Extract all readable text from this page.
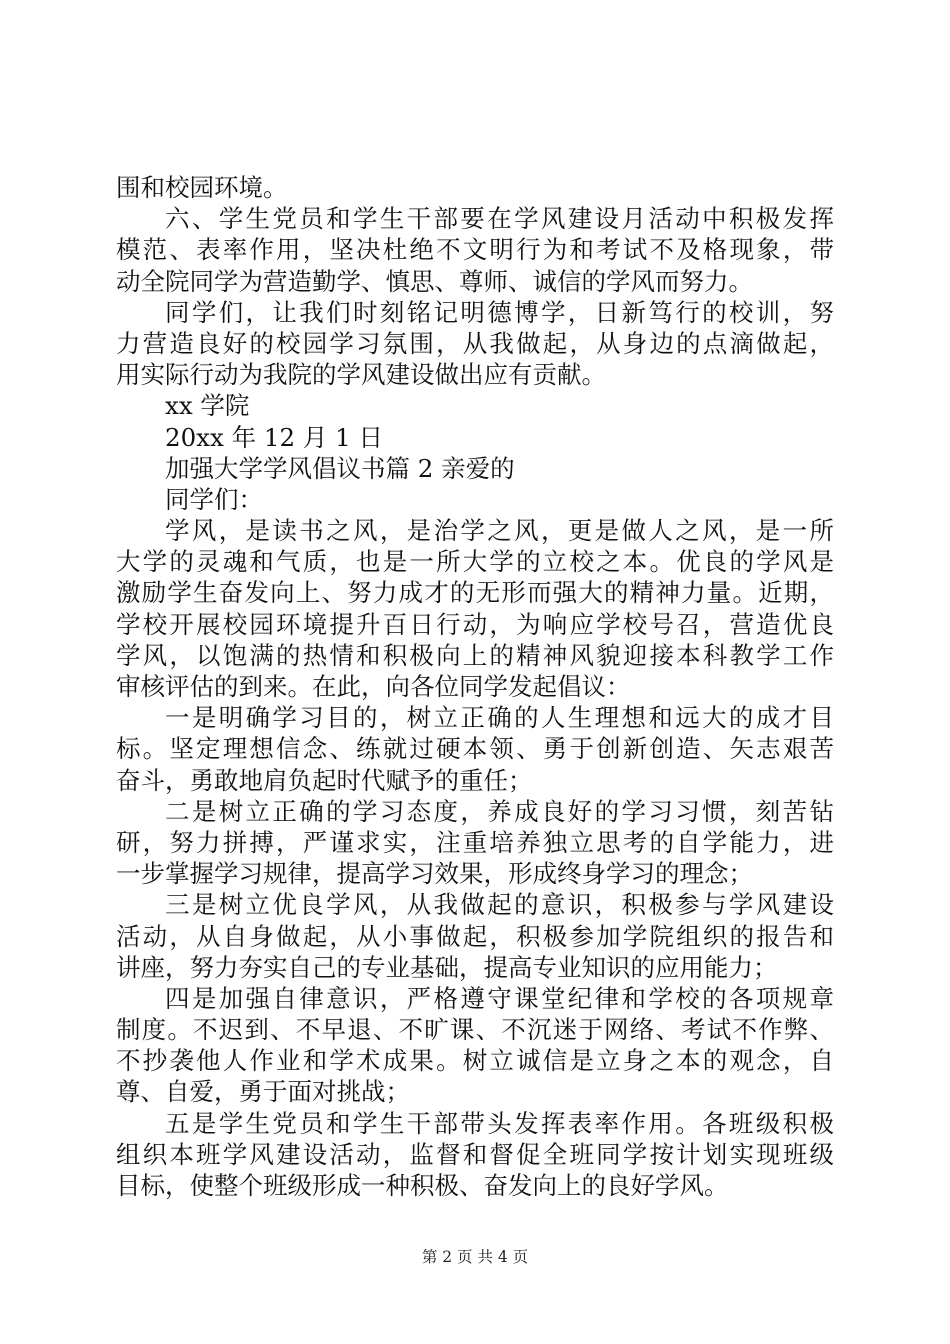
围和校园环境。
六、学生党员和学生干部要在学风建设月活动中积极发挥
模范、表率作用，坚决杜绝不文明行为和考试不及格现象，带
动全院同学为营造勤学、慎思、尊师、诚信的学风而努力。
同学们，让我们时刻铭记明德博学，日新笃行的校训，努
力营造良好的校园学习氛围，从我做起，从身边的点滴做起，
用实际行动为我院的学风建设做出应有贡献。
xx 学院
20xx 年 12 月 1 日
加强大学学风倡议书篇 2 亲爱的
同学们：
学风，是读书之风，是治学之风，更是做人之风，是一所
大学的灵魂和气质，也是一所大学的立校之本。优良的学风是
激励学生奋发向上、努力成才的无形而强大的精神力量。近期，
学校开展校园环境提升百日行动，为响应学校号召，营造优良
学风，以饱满的热情和积极向上的精神风貌迎接本科教学工作
审核评估的到来。在此，向各位同学发起倡议：
一是明确学习目的，树立正确的人生理想和远大的成才目
标。坚定理想信念、练就过硬本领、勇于创新创造、矢志艰苦
奋斗，勇敢地肩负起时代赋予的重任；
二是树立正确的学习态度，养成良好的学习习惯，刻苦钻
研，努力拼搏，严谨求实，注重培养独立思考的自学能力，进
一步掌握学习规律，提高学习效果，形成终身学习的理念；
三是树立优良学风，从我做起的意识，积极参与学风建设
活动，从自身做起，从小事做起，积极参加学院组织的报告和
讲座，努力夯实自己的专业基础，提高专业知识的应用能力；
四是加强自律意识，严格遵守课堂纪律和学校的各项规章
制度。不迟到、不早退、不旷课、不沉迷于网络、考试不作弊、
不抄袭他人作业和学术成果。树立诚信是立身之本的观念，自
尊、自爱，勇于面对挑战；
五是学生党员和学生干部带头发挥表率作用。各班级积极
组织本班学风建设活动，监督和督促全班同学按计划实现班级
目标，使整个班级形成一种积极、奋发向上的良好学风。
第 2 页 共 4 页
